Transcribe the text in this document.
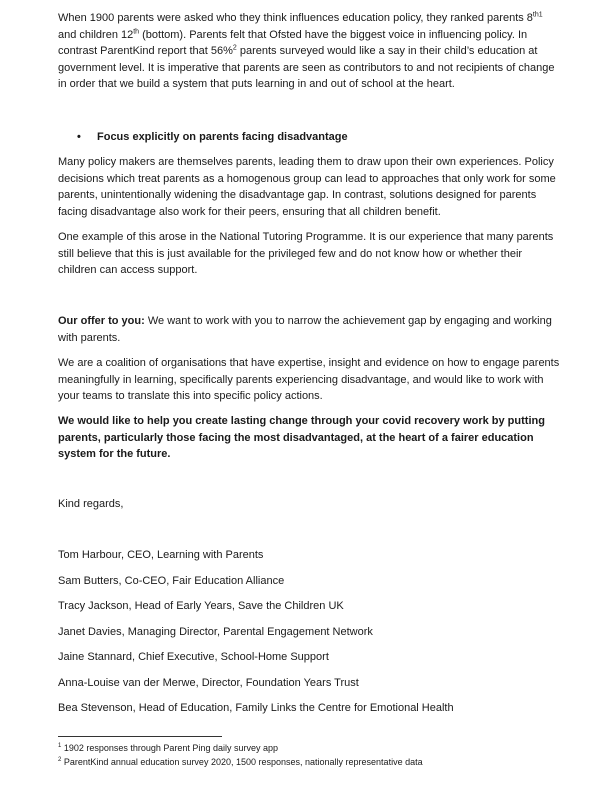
When 1900 parents were asked who they think influences education policy, they ranked parents $8^{th1}$ and children 12th (bottom). Parents felt that Ofsted have the biggest voice in influencing policy. In contrast ParentKind report that 56%$^2$ parents surveyed would like a say in their child’s education at government level. It is imperative that parents are seen as contributors to and not recipients of change in order that we build a system that puts learning in and out of school at the heart.

• Focus explicitly on parents facing disadvantage

Many policy makers are themselves parents, leading them to draw upon their own experiences. Policy decisions which treat parents as a homogenous group can lead to approaches that only work for some parents, unintentionally widening the disadvantage gap. In contrast, solutions designed for parents facing disadvantage also work for their peers, ensuring that all children benefit.

One example of this arose in the National Tutoring Programme. It is our experience that many parents still believe that this is just available for the privileged few and do not know how or whether their children can access support.

Our offer to you: We want to work with you to narrow the achievement gap by engaging and working with parents.

We are a coalition of organisations that have expertise, insight and evidence on how to engage parents meaningfully in learning, specifically parents experiencing disadvantage, and would like to work with your teams to translate this into specific policy actions.

We would like to help you create lasting change through your covid recovery work by putting parents, particularly those facing the most disadvantaged, at the heart of a fairer education system for the future.

Kind regards,

Tom Harbour, CEO, Learning with Parents
Sam Butters, Co-CEO, Fair Education Alliance
Tracy Jackson, Head of Early Years, Save the Children UK
Janet Davies, Managing Director, Parental Engagement Network
Jaine Stannard, Chief Executive, School-Home Support
Anna-Louise van der Merwe, Director, Foundation Years Trust
Bea Stevenson, Head of Education, Family Links the Centre for Emotional Health
$^1$ 1902 responses through Parent Ping daily survey app
$^2$ ParentKind annual education survey 2020, 1500 responses, nationally representative data
